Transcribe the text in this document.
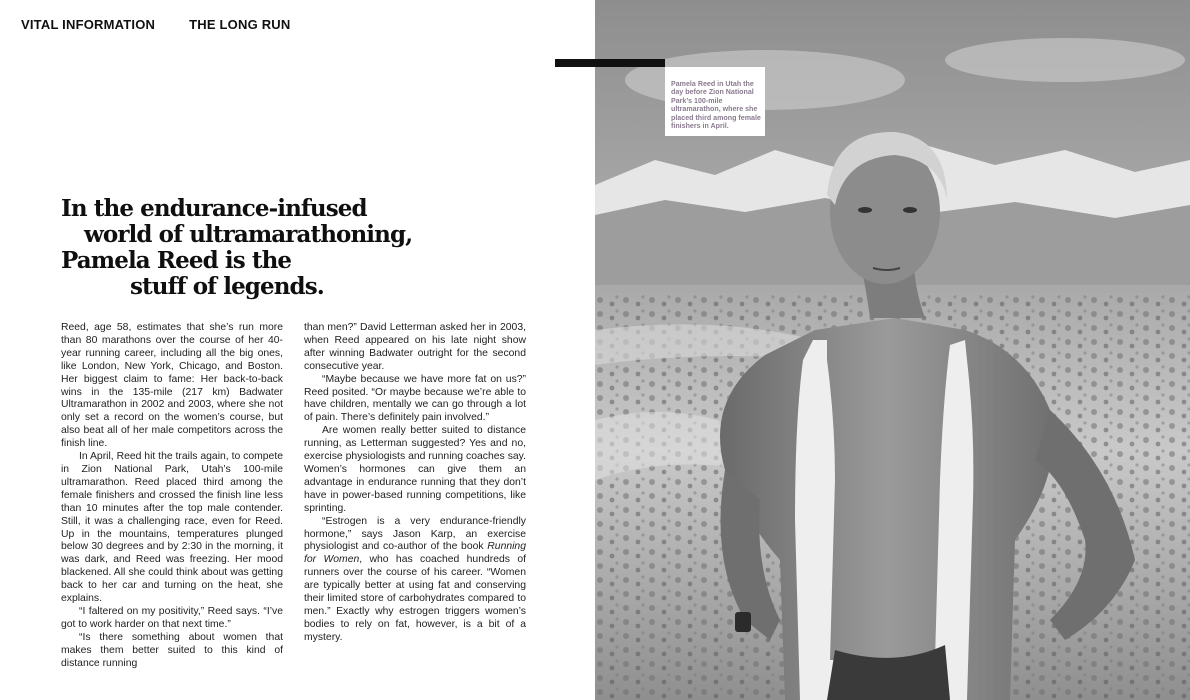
VITAL INFORMATION	THE LONG RUN
In the endurance-infused
world of ultramarathoning,
Pamela Reed is the
stuff of legends.

Reed, age 58, estimates that she’s run more than 80 marathons over the course of her 40-year running career, including all the big ones, like London, New York, Chicago, and Boston. Her biggest claim to fame: Her back-to-back wins in the 135-mile (217 km) Badwater Ultramarathon in 2002 and 2003, where she not only set a record on the women’s course, but also beat all of her male competitors across the finish line.

In April, Reed hit the trails again, to compete in Zion National Park, Utah’s 100-mile ultramarathon. Reed placed third among the female finishers and crossed the finish line less than 10 minutes after the top male contender. Still, it was a challenging race, even for Reed. Up in the mountains, temperatures plunged below 30 degrees and by 2:30 in the morning, it was dark, and Reed was freezing. Her mood blackened. All she could think about was getting back to her car and turning on the heat, she explains.

“I faltered on my positivity,” Reed says. “I’ve got to work harder on that next time.”

“Is there something about women that makes them better suited to this kind of distance running

than men?” David Letterman asked her in 2003, when Reed appeared on his late night show after winning Badwater outright for the second consecutive year.

“Maybe because we have more fat on us?” Reed posited. “Or maybe because we’re able to have children, mentally we can go through a lot of pain. There’s definitely pain involved.”

Are women really better suited to distance running, as Letterman suggested? Yes and no, exercise physiologists and running coaches say. Women’s hormones can give them an advantage in endurance running that they don’t have in power-based running competitions, like sprinting.

“Estrogen is a very endurance-friendly hormone,” says Jason Karp, an exercise physiologist and co-author of the book Running for Women, who has coached hundreds of runners over the course of his career. “Women are typically better at using fat and conserving their limited store of carbohydrates compared to men.” Exactly why estrogen triggers women’s bodies to rely on fat, however, is a bit of a mystery.

Pamela Reed in Utah the day before Zion National Park’s 100-mile ultramarathon, where she placed third among female finishers in April.
